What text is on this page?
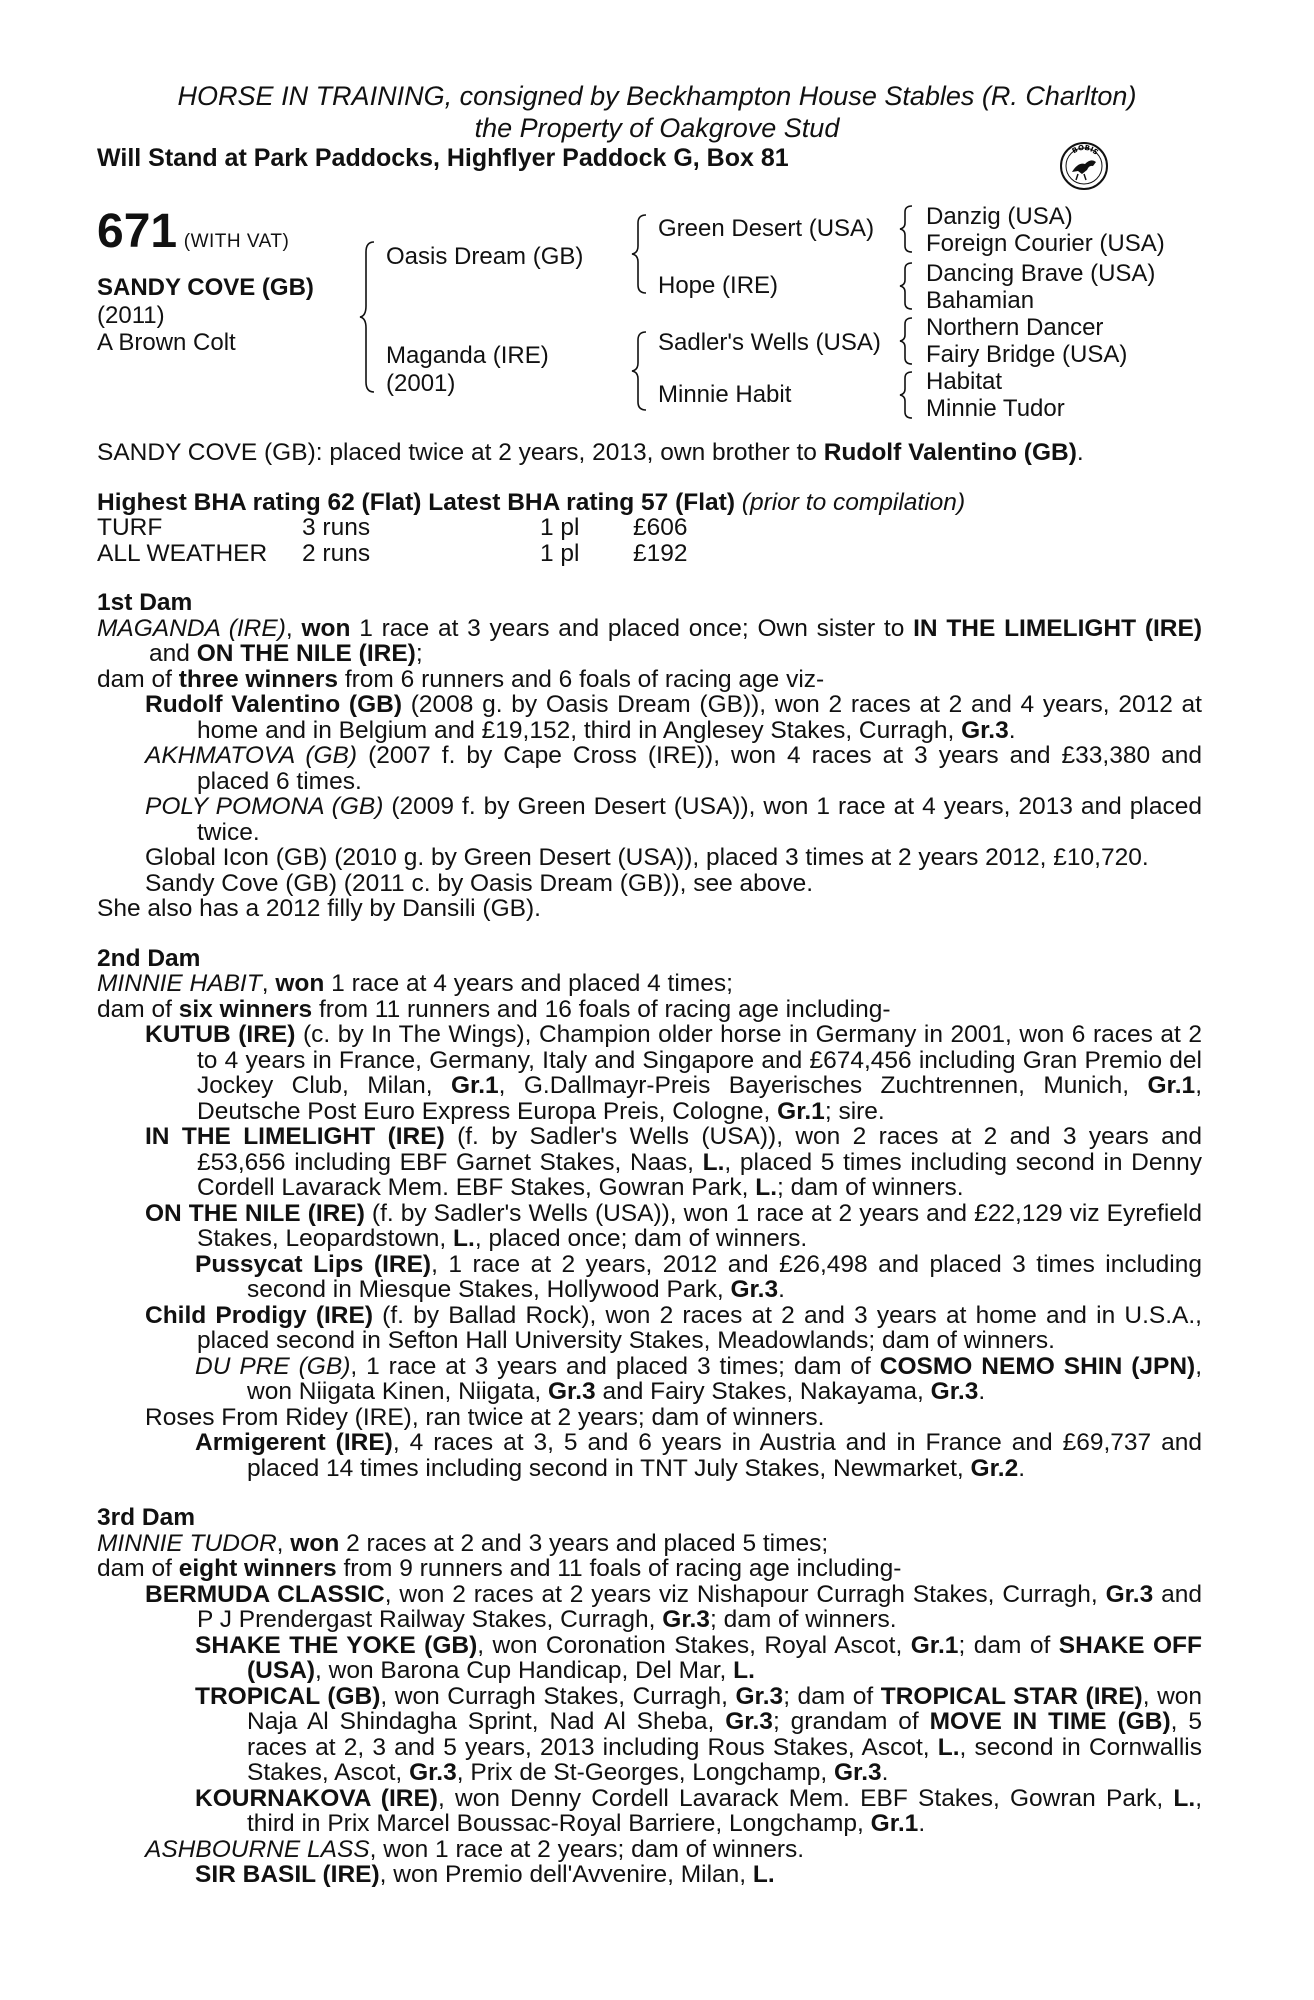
HORSE IN TRAINING, consigned by Beckhampton House Stables (R. Charlton)
the Property of Oakgrove Stud
Will Stand at Park Paddocks, Highflyer Paddock G, Box 81	BOBIS
671 (WITH VAT)
SANDY COVE (GB)
(2011)
A Brown Colt
Oasis Dream (GB)
Maganda (IRE)
(2001)
Green Desert (USA)
Hope (IRE)
Sadler's Wells (USA)
Minnie Habit
Danzig (USA)
Foreign Courier (USA)
Dancing Brave (USA)
Bahamian
Northern Dancer
Fairy Bridge (USA)
Habitat
Minnie Tudor

SANDY COVE (GB): placed twice at 2 years, 2013, own brother to Rudolf Valentino (GB).

Highest BHA rating 62 (Flat) Latest BHA rating 57 (Flat) (prior to compilation)

TURF	3 runs	1 pl	£606
ALL WEATHER	2 runs	1 pl	£192

1st Dam

MAGANDA (IRE), won 1 race at 3 years and placed once; Own sister to IN THE LIMELIGHT (IRE) and ON THE NILE (IRE);

dam of three winners from 6 runners and 6 foals of racing age viz-

Rudolf Valentino (GB) (2008 g. by Oasis Dream (GB)), won 2 races at 2 and 4 years, 2012 at home and in Belgium and £19,152, third in Anglesey Stakes, Curragh, Gr.3.

AKHMATOVA (GB) (2007 f. by Cape Cross (IRE)), won 4 races at 3 years and £33,380 and placed 6 times.

POLY POMONA (GB) (2009 f. by Green Desert (USA)), won 1 race at 4 years, 2013 and placed twice.

Global Icon (GB) (2010 g. by Green Desert (USA)), placed 3 times at 2 years 2012, £10,720.

Sandy Cove (GB) (2011 c. by Oasis Dream (GB)), see above.

She also has a 2012 filly by Dansili (GB).

2nd Dam

MINNIE HABIT, won 1 race at 4 years and placed 4 times;

dam of six winners from 11 runners and 16 foals of racing age including-

KUTUB (IRE) (c. by In The Wings), Champion older horse in Germany in 2001, won 6 races at 2 to 4 years in France, Germany, Italy and Singapore and £674,456 including Gran Premio del Jockey Club, Milan, Gr.1, G.Dallmayr-Preis Bayerisches Zuchtrennen, Munich, Gr.1, Deutsche Post Euro Express Europa Preis, Cologne, Gr.1; sire.

IN THE LIMELIGHT (IRE) (f. by Sadler's Wells (USA)), won 2 races at 2 and 3 years and £53,656 including EBF Garnet Stakes, Naas, L., placed 5 times including second in Denny Cordell Lavarack Mem. EBF Stakes, Gowran Park, L.; dam of winners.

ON THE NILE (IRE) (f. by Sadler's Wells (USA)), won 1 race at 2 years and £22,129 viz Eyrefield Stakes, Leopardstown, L., placed once; dam of winners.

Pussycat Lips (IRE), 1 race at 2 years, 2012 and £26,498 and placed 3 times including second in Miesque Stakes, Hollywood Park, Gr.3.

Child Prodigy (IRE) (f. by Ballad Rock), won 2 races at 2 and 3 years at home and in U.S.A., placed second in Sefton Hall University Stakes, Meadowlands; dam of winners.

DU PRE (GB), 1 race at 3 years and placed 3 times; dam of COSMO NEMO SHIN (JPN), won Niigata Kinen, Niigata, Gr.3 and Fairy Stakes, Nakayama, Gr.3.

Roses From Ridey (IRE), ran twice at 2 years; dam of winners.

Armigerent (IRE), 4 races at 3, 5 and 6 years in Austria and in France and £69,737 and placed 14 times including second in TNT July Stakes, Newmarket, Gr.2.

3rd Dam

MINNIE TUDOR, won 2 races at 2 and 3 years and placed 5 times;

dam of eight winners from 9 runners and 11 foals of racing age including-

BERMUDA CLASSIC, won 2 races at 2 years viz Nishapour Curragh Stakes, Curragh, Gr.3 and P J Prendergast Railway Stakes, Curragh, Gr.3; dam of winners.

SHAKE THE YOKE (GB), won Coronation Stakes, Royal Ascot, Gr.1; dam of SHAKE OFF (USA), won Barona Cup Handicap, Del Mar, L.

TROPICAL (GB), won Curragh Stakes, Curragh, Gr.3; dam of TROPICAL STAR (IRE), won Naja Al Shindagha Sprint, Nad Al Sheba, Gr.3; grandam of MOVE IN TIME (GB), 5 races at 2, 3 and 5 years, 2013 including Rous Stakes, Ascot, L., second in Cornwallis Stakes, Ascot, Gr.3, Prix de St-Georges, Longchamp, Gr.3.

KOURNAKOVA (IRE), won Denny Cordell Lavarack Mem. EBF Stakes, Gowran Park, L., third in Prix Marcel Boussac-Royal Barriere, Longchamp, Gr.1.

ASHBOURNE LASS, won 1 race at 2 years; dam of winners.

SIR BASIL (IRE), won Premio dell'Avvenire, Milan, L.
